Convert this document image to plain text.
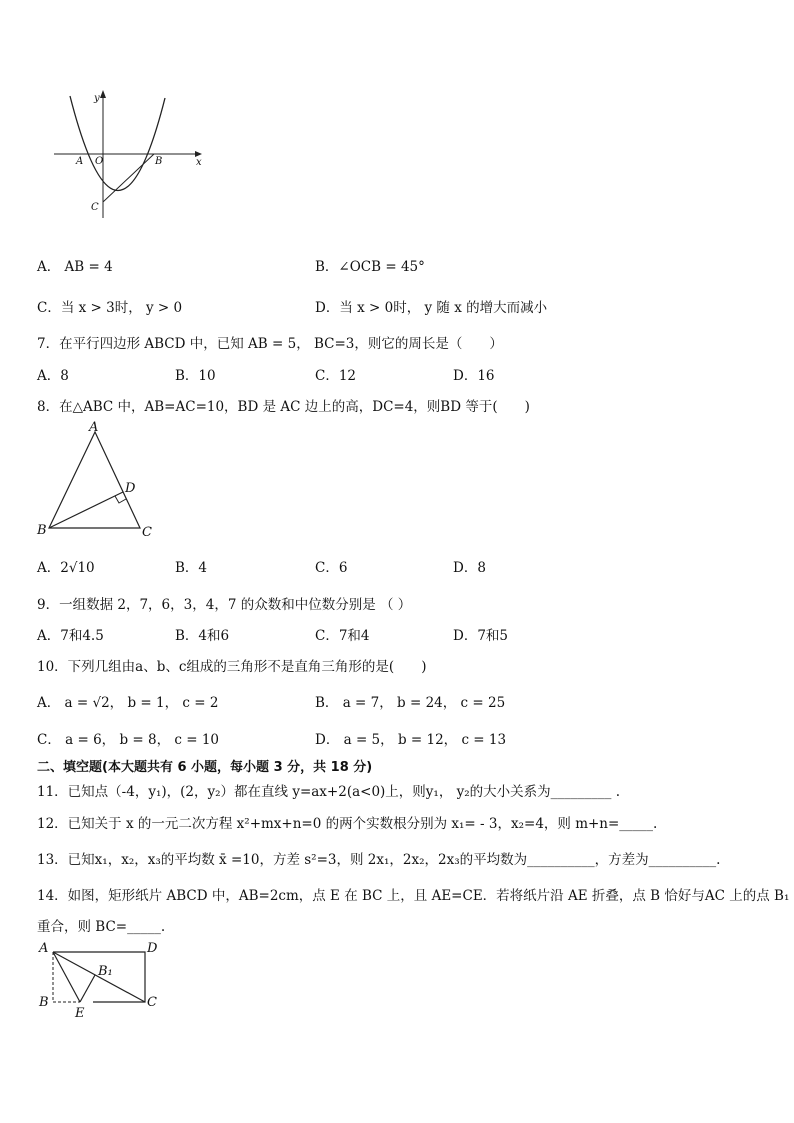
y
x
A O	B
C
A． AB = 4	B．∠OCB = 45°
C．当 x > 3时， y > 0	D．当 x > 0时， y 随 x 的增大而减小
7．在平行四边形 ABCD 中，已知 AB = 5， BC=3，则它的周长是（　　）
A．8	B．10	C．12	D．16
8．在△ABC 中，AB=AC=10，BD 是 AC 边上的高，DC=4，则BD 等于(　　)
A
D
B	C
A．2√10	B．4	C．6	D．8
9．一组数据 2，7，6，3，4，7 的众数和中位数分别是 （ ）
A．7和4.5	B．4和6	C．7和4	D．7和5
10．下列几组由a、b、c组成的三角形不是直角三角形的是(　　)
A． a = √2， b = 1， c = 2	B． a = 7， b = 24， c = 25
C． a = 6， b = 8， c = 10	D． a = 5， b = 12， c = 13
二、填空题(本大题共有 6 小题，每小题 3 分，共 18 分)
11．已知点（-4，y₁)，(2，y₂）都在直线 y=ax+2(a<0)上，则y₁， y₂的大小关系为_________ .
12．已知关于 x 的一元二次方程 x²+mx+n=0 的两个实数根分别为 x₁= - 3，x₂=4，则 m+n=_____.
13．已知x₁，x₂，x₃的平均数 x̄ =10，方差 s²=3，则 2x₁，2x₂，2x₃的平均数为__________，方差为__________.
14．如图，矩形纸片 ABCD 中，AB=2cm，点 E 在 BC 上，且 AE=CE．若将纸片沿 AE 折叠，点 B 恰好与AC 上的点 B₁
重合，则 BC=_____.
A	D
B₁
B
E
C
